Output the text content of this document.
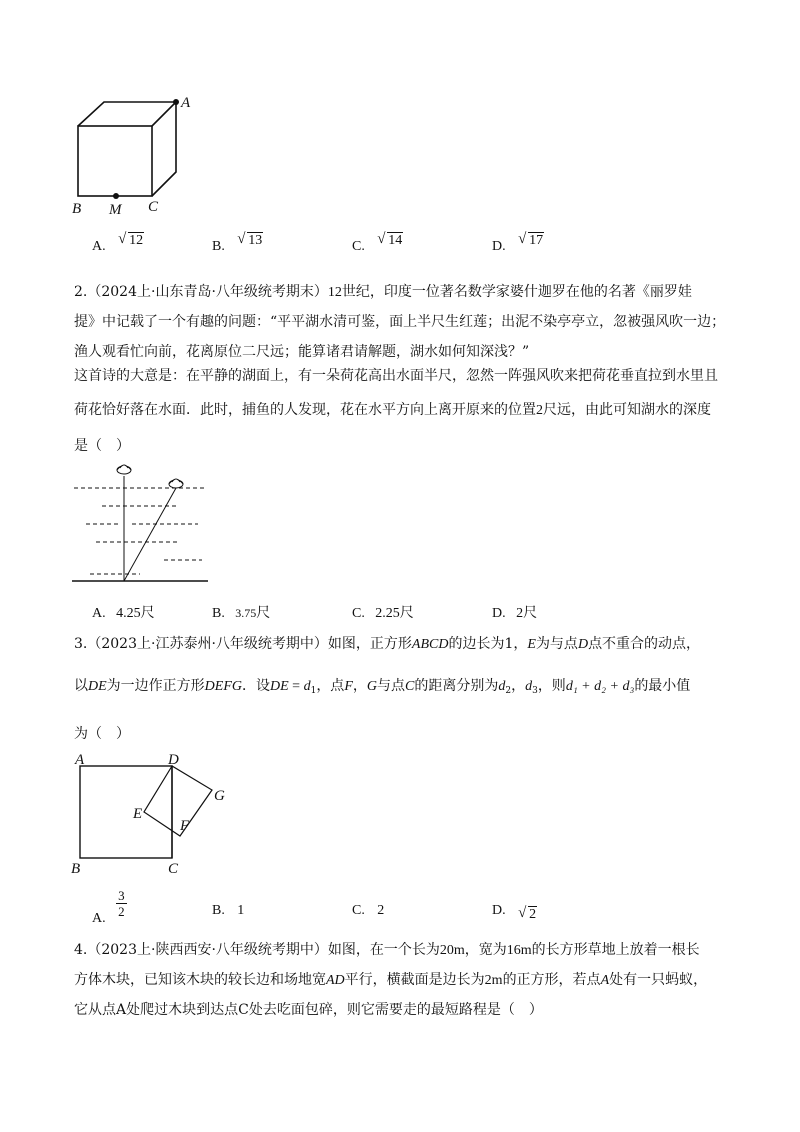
A
B M C
A. √ 12	B. √ 13	C. √ 14	D. √ 17
2.（2024上·山东青岛·八年级统考期末）12世纪，印度一位著名数学家婆什迦罗在他的名著《丽罗娃
提》中记载了一个有趣的问题：“平平湖水清可鉴，面上半尺生红莲；出泥不染亭亭立，忽被强风吹一边；
渔人观看忙向前，花离原位二尺远；能算诸君请解题，湖水如何知深浅？”
这首诗的大意是：在平静的湖面上，有一朵荷花高出水面半尺，忽然一阵强风吹来把荷花垂直拉到水里且
荷花恰好落在水面．此时，捕鱼的人发现，花在水平方向上离开原来的位置2尺远，由此可知湖水的深度
是（　）
A. 4.25尺	B. 3.75尺	C. 2.25尺	D. 2尺
3.（2023上·江苏泰州·八年级统考期中）如图，正方形ABCD的边长为1，E为与点D点不重合的动点，
以DE为一边作正方形DEFG．设DE = $d_1$，点F，G与点C的距离分别为$d_2$，$d_3$，则d₁ + d₂ + d₃的最小值
为（　）
A	D
G
E
F
B	C
A. $\frac{3}{2}$	B. 1	C. 2	D. √ 2
4.（2023上·陕西西安·八年级统考期中）如图，在一个长为20m，宽为16m的长方形草地上放着一根长
方体木块，已知该木块的较长边和场地宽AD平行，横截面是边长为2m的正方形，若点A处有一只蚂蚁，
它从点A处爬过木块到达点C处去吃面包碎，则它需要走的最短路程是（　）
